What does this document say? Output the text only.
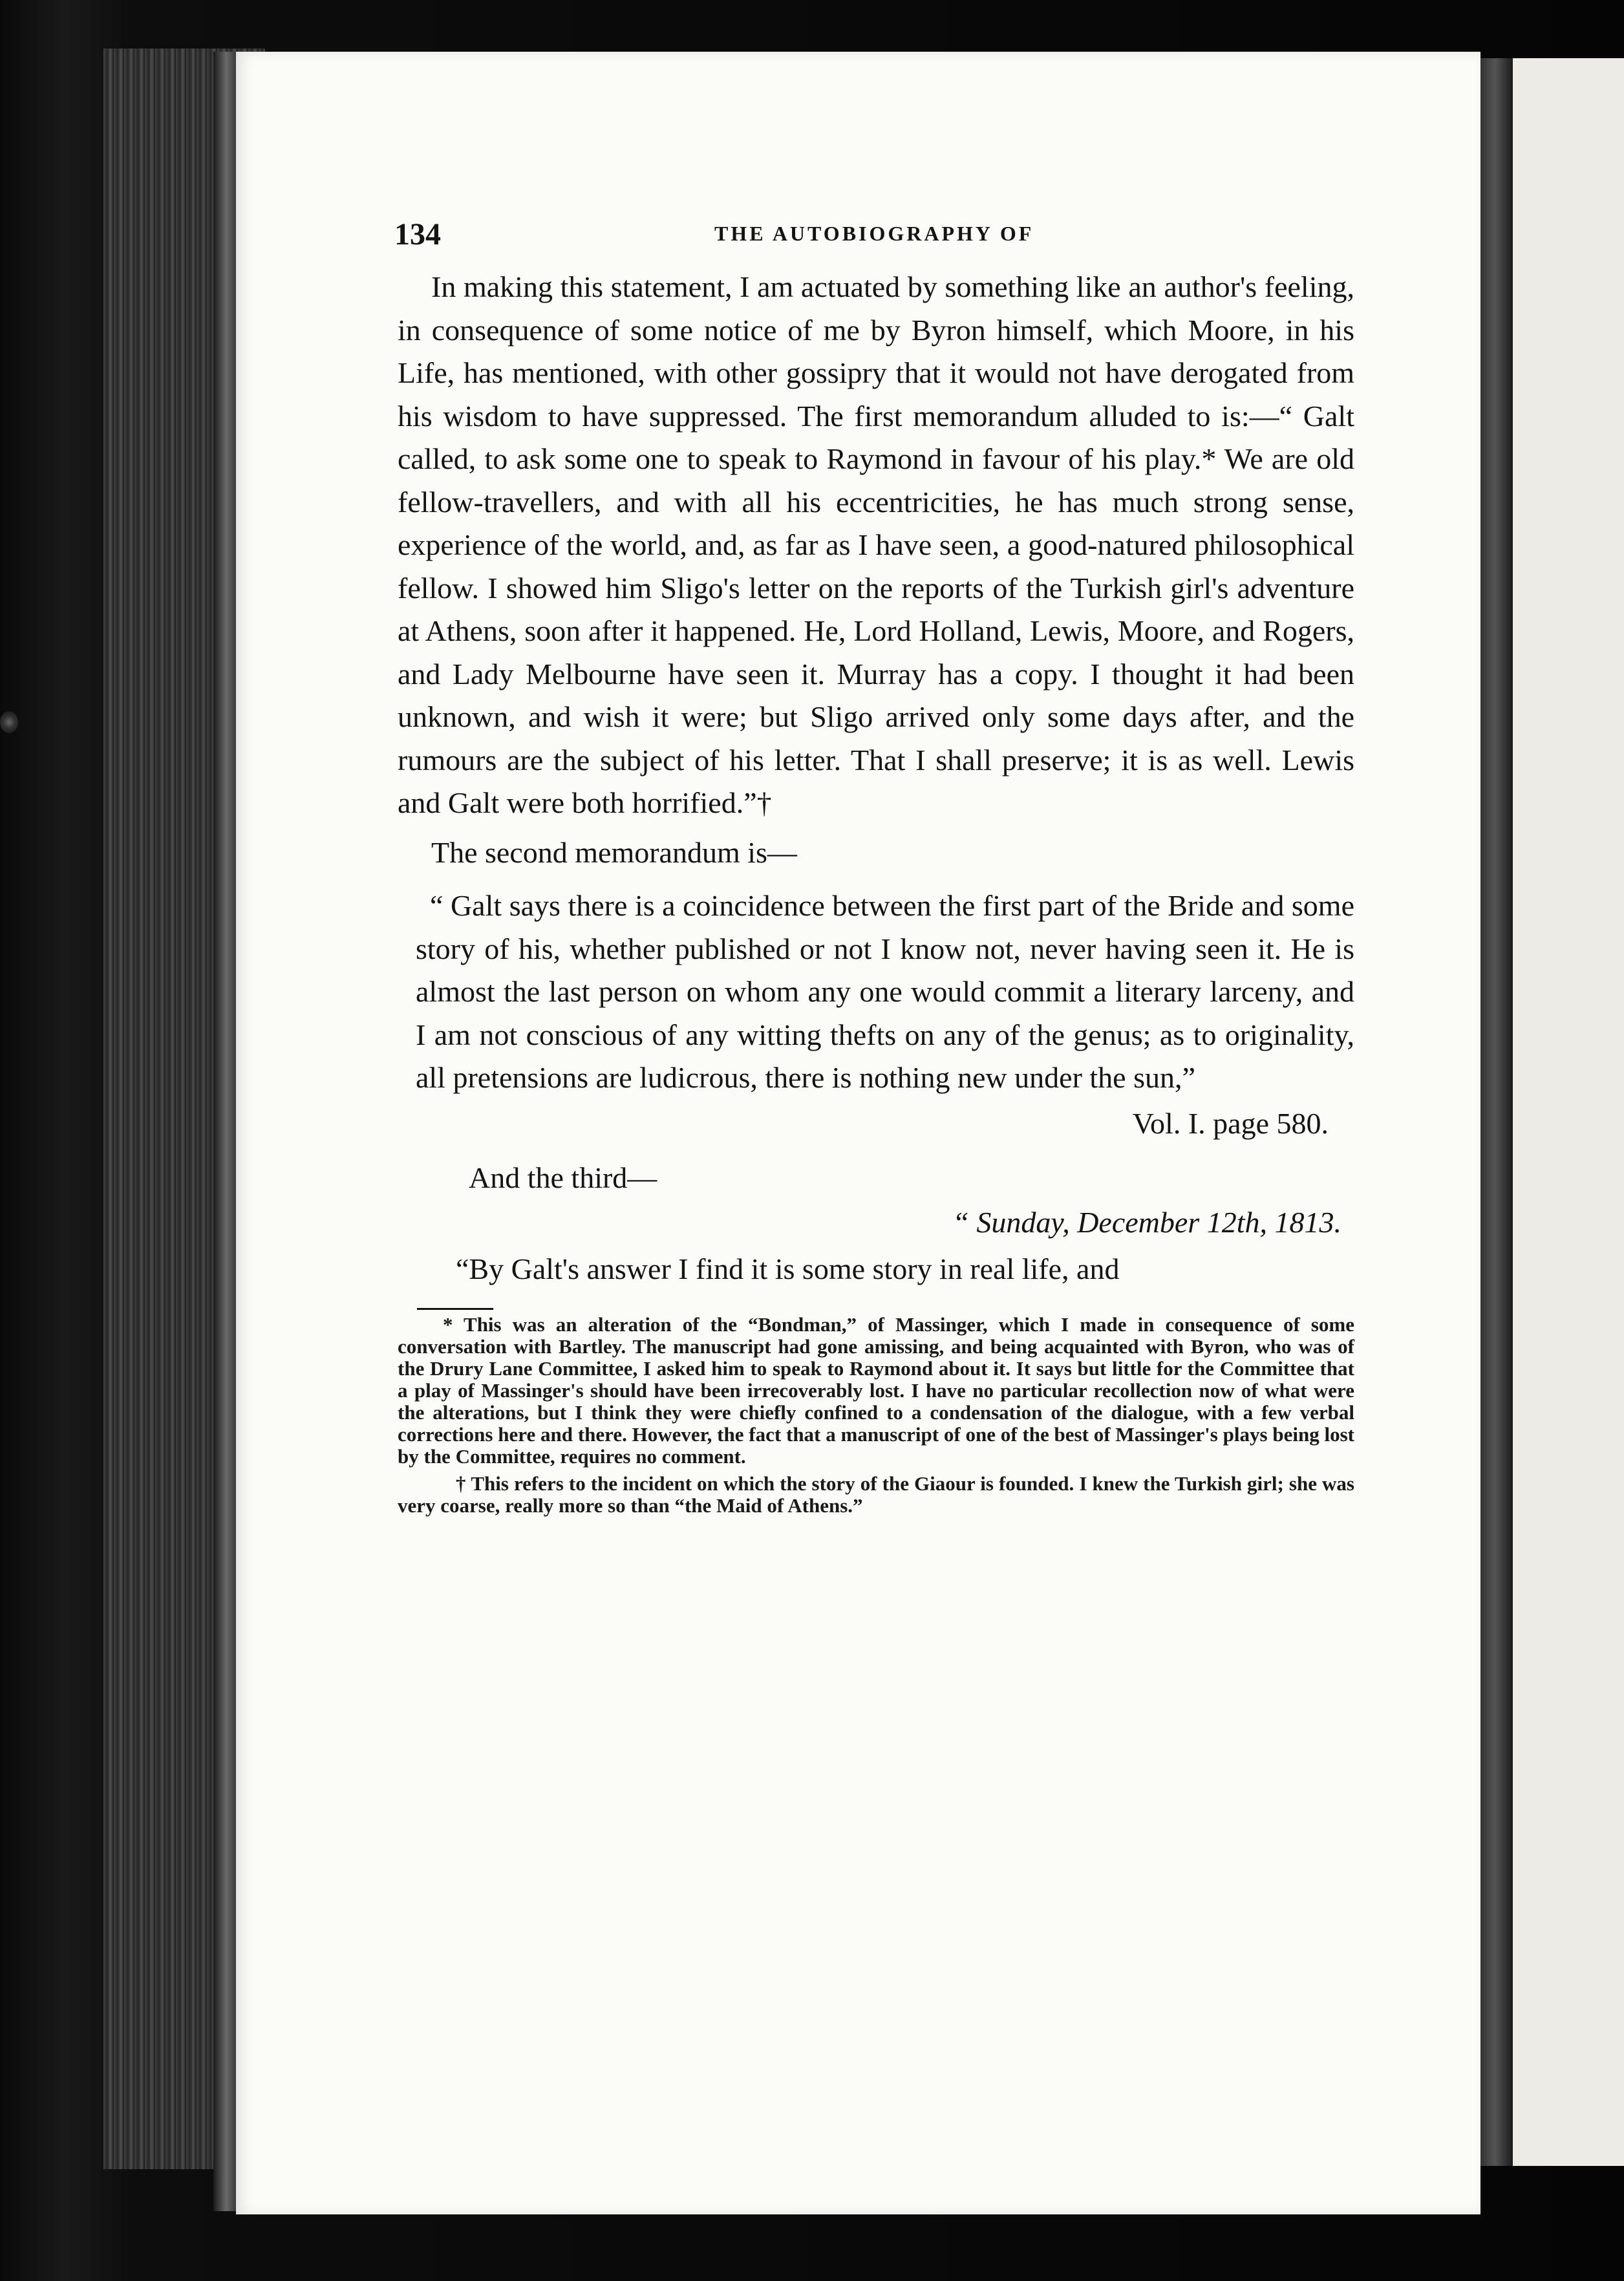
134	THE AUTOBIOGRAPHY OF

In making this statement, I am actuated by something like an author's feeling, in consequence of some notice of me by Byron himself, which Moore, in his Life, has mentioned, with other gossipry that it would not have derogated from his wisdom to have suppressed. The first memorandum alluded to is:—“ Galt called, to ask some one to speak to Raymond in favour of his play.* We are old fellow-travellers, and with all his eccentricities, he has much strong sense, experience of the world, and, as far as I have seen, a good-natured philosophical fellow. I showed him Sligo's letter on the reports of the Turkish girl's adventure at Athens, soon after it happened. He, Lord Holland, Lewis, Moore, and Rogers, and Lady Melbourne have seen it. Murray has a copy. I thought it had been unknown, and wish it were; but Sligo arrived only some days after, and the rumours are the subject of his letter. That I shall preserve; it is as well. Lewis and Galt were both horrified.”†

The second memorandum is—

“ Galt says there is a coincidence between the first part of the Bride and some story of his, whether published or not I know not, never having seen it. He is almost the last person on whom any one would commit a literary larceny, and I am not conscious of any witting thefts on any of the genus; as to originality, all pretensions are ludicrous, there is nothing new under the sun,”

Vol. I. page 580.

And the third—

“ Sunday, December 12th, 1813.

“By Galt's answer I find it is some story in real life, and

* This was an alteration of the “Bondman,” of Massinger, which I made in consequence of some conversation with Bartley. The manuscript had gone amissing, and being acquainted with Byron, who was of the Drury Lane Committee, I asked him to speak to Raymond about it. It says but little for the Committee that a play of Massinger's should have been irrecoverably lost. I have no particular recollection now of what were the alterations, but I think they were chiefly confined to a condensation of the dialogue, with a few verbal corrections here and there. However, the fact that a manuscript of one of the best of Massinger's plays being lost by the Committee, requires no comment.

† This refers to the incident on which the story of the Giaour is founded. I knew the Turkish girl; she was very coarse, really more so than “the Maid of Athens.”
